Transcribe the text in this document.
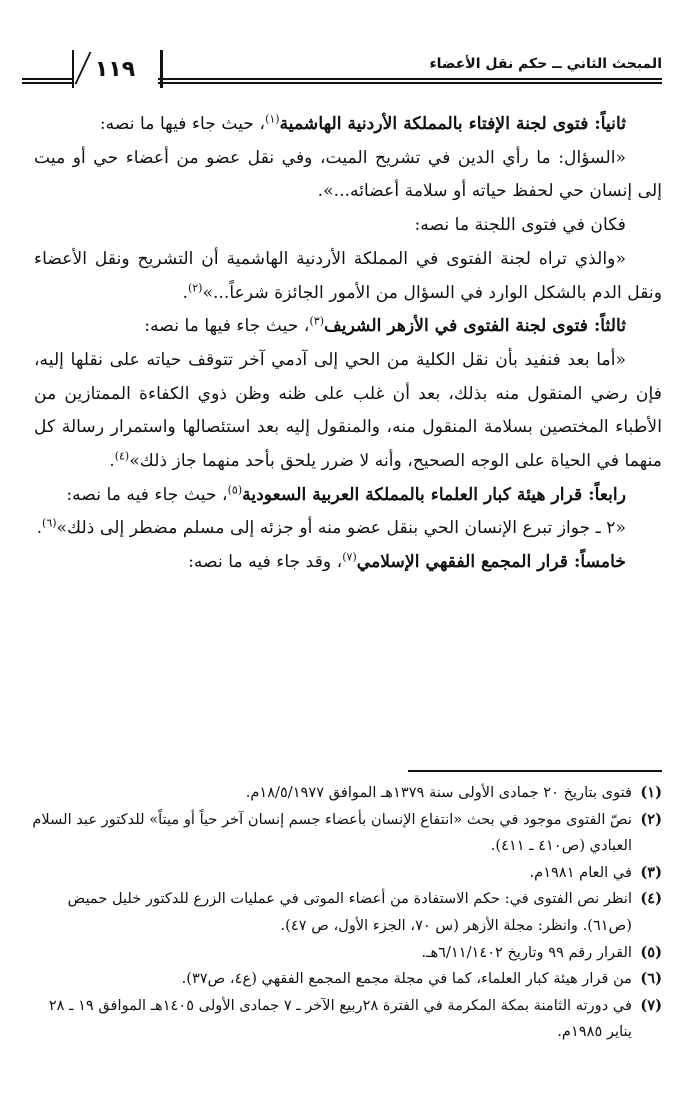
١١٩	المبحث الثاني ــ حكم نقل الأعضاء

ثانياً: فتوى لجنة الإفتاء بالمملكة الأردنية الهاشمية$^{(١)}$، حيث جاء فيها ما نصه:

«السؤال: ما رأي الدين في تشريح الميت، وفي نقل عضو من أعضاء حي أو ميت إلى إنسان حي لحفظ حياته أو سلامة أعضائه...».

فكان في فتوى اللجنة ما نصه:

«والذي تراه لجنة الفتوى في المملكة الأردنية الهاشمية أن التشريح ونقل الأعضاء ونقل الدم بالشكل الوارد في السؤال من الأمور الجائزة شرعاً...»$^{(٢)}$.

ثالثاً: فتوى لجنة الفتوى في الأزهر الشريف$^{(٣)}$، حيث جاء فيها ما نصه:

«أما بعد فنفيد بأن نقل الكلية من الحي إلى آدمي آخر تتوقف حياته على نقلها إليه، فإن رضي المنقول منه بذلك، بعد أن غلب على ظنه وظن ذوي الكفاءة الممتازين من الأطباء المختصين بسلامة المنقول منه، والمنقول إليه بعد استئصالها واستمرار رسالة كل منهما في الحياة على الوجه الصحيح، وأنه لا ضرر يلحق بأحد منهما جاز ذلك»$^{(٤)}$.

رابعاً: قرار هيئة كبار العلماء بالمملكة العربية السعودية$^{(٥)}$، حيث جاء فيه ما نصه:

«٢ ـ جواز تبرع الإنسان الحي بنقل عضو منه أو جزئه إلى مسلم مضطر إلى ذلك»$^{(٦)}$.

خامساً: قرار المجمع الفقهي الإسلامي$^{(٧)}$، وقد جاء فيه ما نصه:

(١)
فتوى بتاريخ ٢٠ جمادى الأولى سنة ١٣٧٩هـ الموافق ١٨/٥/١٩٧٧م.
(٢)
نصّ الفتوى موجود في بحث «انتفاع الإنسان بأعضاء جسم إنسان آخر حياً أو ميتاً» للدكتور عبد السلام العبادي (ص٤١٠ ـ ٤١١).
(٣)
في العام ١٩٨١م.
(٤)
انظر نص الفتوى في: حكم الاستفادة من أعضاء الموتى في عمليات الزرع للدكتور خليل حميض (ص٦١). وانظر: مجلة الأزهر (س ٧٠، الجزء الأول، ص ٤٧).
(٥)
القرار رقم ٩٩ وتاريخ ٦/١١/١٤٠٢هـ.
(٦)
من قرار هيئة كبار العلماء، كما في مجلة مجمع المجمع الفقهي (ع٤، ص٣٧).
(٧)
في دورته الثامنة بمكة المكرمة في الفترة ٢٨ربيع الآخر ـ ٧ جمادى الأولى ١٤٠٥هـ الموافق ١٩ ـ ٢٨ يناير ١٩٨٥م.
